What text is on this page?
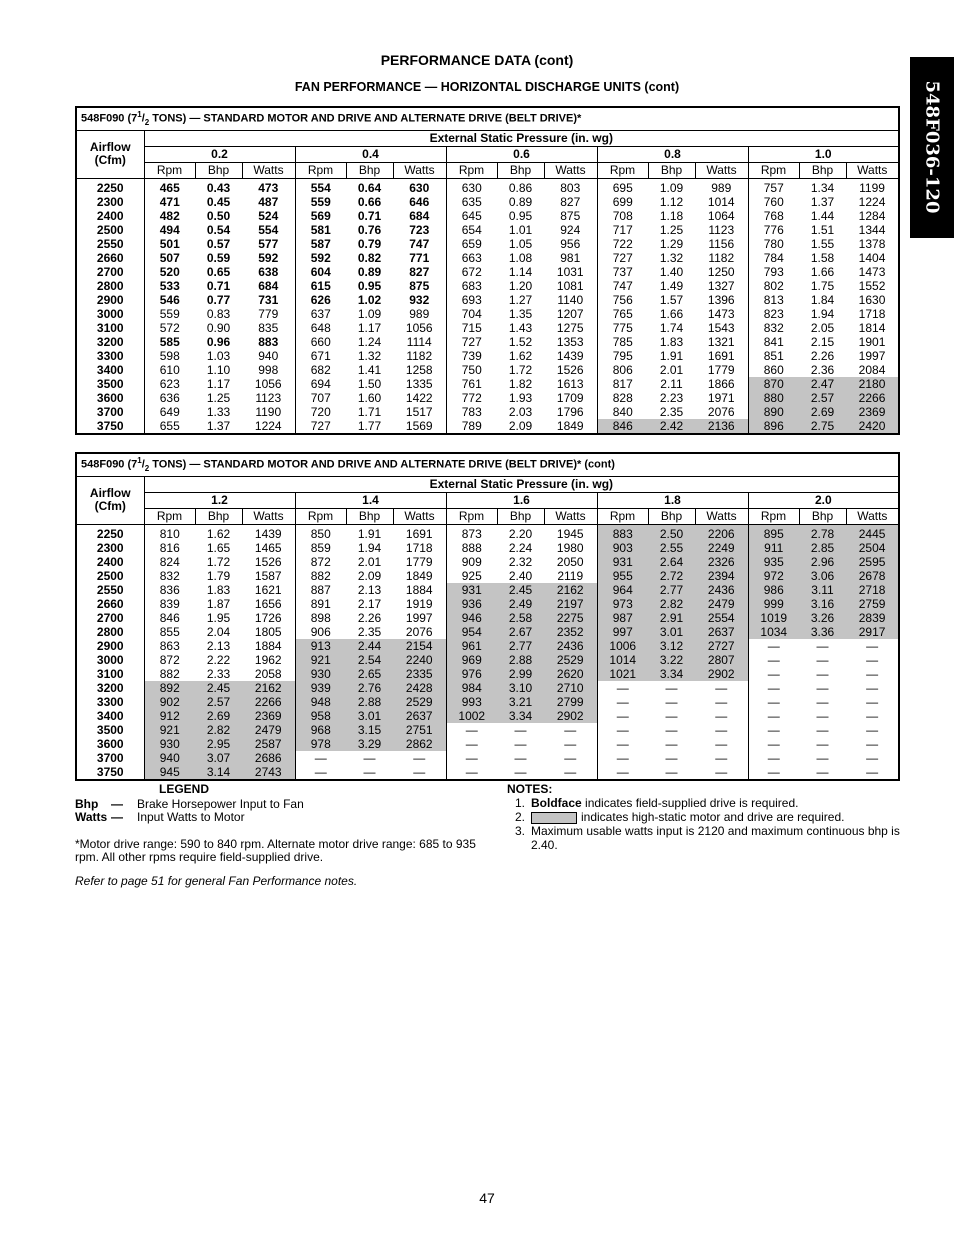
PERFORMANCE DATA (cont)
FAN PERFORMANCE — HORIZONTAL DISCHARGE UNITS (cont)	548F036-120
548F090 ($7^1/_2$ TONS) — STANDARD MOTOR AND DRIVE AND ALTERNATE DRIVE (BELT DRIVE)*															

Airflow
(Cfm)	External Static Pressure (in. wg)														
	0.2			0.4			0.6			0.8			1.0		
	Rpm	Bhp	Watts	Rpm	Bhp	Watts	Rpm	Bhp	Watts	Rpm	Bhp	Watts	Rpm	Bhp	Watts
2250	465	0.43	473	554	0.64	630	630	0.86	803	695	1.09	989	757	1.34	1199
2300	471	0.45	487	559	0.66	646	635	0.89	827	699	1.12	1014	760	1.37	1224
2400	482	0.50	524	569	0.71	684	645	0.95	875	708	1.18	1064	768	1.44	1284
2500	494	0.54	554	581	0.76	723	654	1.01	924	717	1.25	1123	776	1.51	1344
2550	501	0.57	577	587	0.79	747	659	1.05	956	722	1.29	1156	780	1.55	1378
2660	507	0.59	592	592	0.82	771	663	1.08	981	727	1.32	1182	784	1.58	1404
2700	520	0.65	638	604	0.89	827	672	1.14	1031	737	1.40	1250	793	1.66	1473
2800	533	0.71	684	615	0.95	875	683	1.20	1081	747	1.49	1327	802	1.75	1552
2900	546	0.77	731	626	1.02	932	693	1.27	1140	756	1.57	1396	813	1.84	1630
3000	559	0.83	779	637	1.09	989	704	1.35	1207	765	1.66	1473	823	1.94	1718
3100	572	0.90	835	648	1.17	1056	715	1.43	1275	775	1.74	1543	832	2.05	1814
3200	585	0.96	883	660	1.24	1114	727	1.52	1353	785	1.83	1321	841	2.15	1901
3300	598	1.03	940	671	1.32	1182	739	1.62	1439	795	1.91	1691	851	2.26	1997
3400	610	1.10	998	682	1.41	1258	750	1.72	1526	806	2.01	1779	860	2.36	2084
3500	623	1.17	1056	694	1.50	1335	761	1.82	1613	817	2.11	1866	870	2.47	2180
3600	636	1.25	1123	707	1.60	1422	772	1.93	1709	828	2.23	1971	880	2.57	2266
3700	649	1.33	1190	720	1.71	1517	783	2.03	1796	840	2.35	2076	890	2.69	2369
3750	655	1.37	1224	727	1.77	1569	789	2.09	1849	846	2.42	2136	896	2.75	2420
548F090 ($7^1/_2$ TONS) — STANDARD MOTOR AND DRIVE AND ALTERNATE DRIVE (BELT DRIVE)* (cont)															

Airflow
(Cfm)	External Static Pressure (in. wg)														
	1.2			1.4			1.6			1.8			2.0		
	Rpm	Bhp	Watts	Rpm	Bhp	Watts	Rpm	Bhp	Watts	Rpm	Bhp	Watts	Rpm	Bhp	Watts
2250	810	1.62	1439	850	1.91	1691	873	2.20	1945	883	2.50	2206	895	2.78	2445
2300	816	1.65	1465	859	1.94	1718	888	2.24	1980	903	2.55	2249	911	2.85	2504
2400	824	1.72	1526	872	2.01	1779	909	2.32	2050	931	2.64	2326	935	2.96	2595
2500	832	1.79	1587	882	2.09	1849	925	2.40	2119	955	2.72	2394	972	3.06	2678
2550	836	1.83	1621	887	2.13	1884	931	2.45	2162	964	2.77	2436	986	3.11	2718
2660	839	1.87	1656	891	2.17	1919	936	2.49	2197	973	2.82	2479	999	3.16	2759
2700	846	1.95	1726	898	2.26	1997	946	2.58	2275	987	2.91	2554	1019	3.26	2839
2800	855	2.04	1805	906	2.35	2076	954	2.67	2352	997	3.01	2637	1034	3.36	2917
2900	863	2.13	1884	913	2.44	2154	961	2.77	2436	1006	3.12	2727	—	—	—
3000	872	2.22	1962	921	2.54	2240	969	2.88	2529	1014	3.22	2807	—	—	—
3100	882	2.33	2058	930	2.65	2335	976	2.99	2620	1021	3.34	2902	—	—	—
3200	892	2.45	2162	939	2.76	2428	984	3.10	2710	—	—	—	—	—	—
3300	902	2.57	2266	948	2.88	2529	993	3.21	2799	—	—	—	—	—	—
3400	912	2.69	2369	958	3.01	2637	1002	3.34	2902	—	—	—	—	—	—
3500	921	2.82	2479	968	3.15	2751	—	—	—	—	—	—	—	—	—
3600	930	2.95	2587	978	3.29	2862	—	—	—	—	—	—	—	—	—
3700	940	3.07	2686	—	—	—	—	—	—	—	—	—	—	—	—
3750	945	3.14	2743	—	—	—	—	—	—	—	—	—	—	—	—
LEGEND
Bhp	—	Brake Horsepower Input to Fan
Watts —	Input Watts to Motor
*Motor drive range: 590 to 840 rpm. Alternate motor drive range: 685 to 935 rpm. All other rpms require field-supplied drive.
Refer to page 51 for general Fan Performance notes.
NOTES:
1. Boldface indicates field-supplied drive is required.
2.	indicates high-static motor and drive are required.
3. Maximum usable watts input is 2120 and maximum continuous bhp is 2.40.
47
